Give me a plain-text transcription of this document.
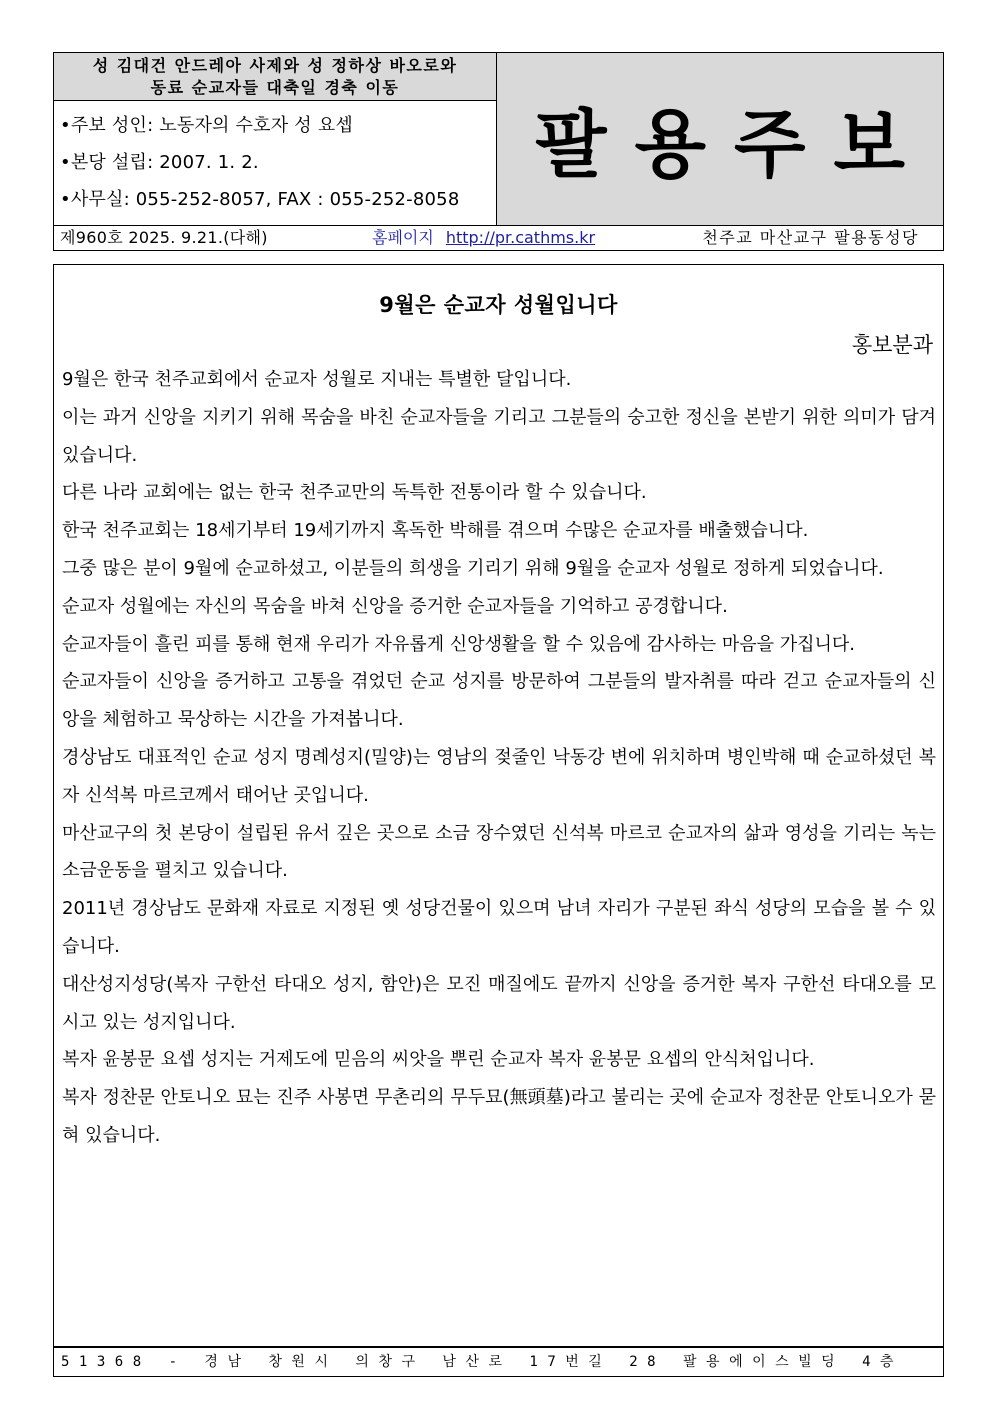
성 김대건 안드레아 사제와 성 정하상 바오로와
동료 순교자들 대축일 경축 이동
•주보 성인: 노동자의 수호자 성 요셉
•본당 설립: 2007. 1. 2.
•사무실: 055-252-8057, FAX : 055-252-8058
팔용주보
제960호 2025. 9.21.(다해)	홈페이지 http://pr.cathms.kr	천주교 마산교구 팔용동성당
9월은 순교자 성월입니다
홍보분과

9월은 한국 천주교회에서 순교자 성월로 지내는 특별한 달입니다.

이는 과거 신앙을 지키기 위해 목숨을 바친 순교자들을 기리고 그분들의 숭고한 정신을 본받기 위한 의미가 담겨있습니다.

다른 나라 교회에는 없는 한국 천주교만의 독특한 전통이라 할 수 있습니다.

한국 천주교회는 18세기부터 19세기까지 혹독한 박해를 겪으며 수많은 순교자를 배출했습니다.

그중 많은 분이 9월에 순교하셨고, 이분들의 희생을 기리기 위해 9월을 순교자 성월로 정하게 되었습니다.

순교자 성월에는 자신의 목숨을 바쳐 신앙을 증거한 순교자들을 기억하고 공경합니다.

순교자들이 흘린 피를 통해 현재 우리가 자유롭게 신앙생활을 할 수 있음에 감사하는 마음을 가집니다.

순교자들이 신앙을 증거하고 고통을 겪었던 순교 성지를 방문하여 그분들의 발자취를 따라 걷고 순교자들의 신앙을 체험하고 묵상하는 시간을 가져봅니다.

경상남도 대표적인 순교 성지 명례성지(밀양)는 영남의 젖줄인 낙동강 변에 위치하며 병인박해 때 순교하셨던 복자 신석복 마르코께서 태어난 곳입니다.

마산교구의 첫 본당이 설립된 유서 깊은 곳으로 소금 장수였던 신석복 마르코 순교자의 삶과 영성을 기리는 녹는 소금운동을 펼치고 있습니다.

2011년 경상남도 문화재 자료로 지정된 옛 성당건물이 있으며 남녀 자리가 구분된 좌식 성당의 모습을 볼 수 있습니다.

대산성지성당(복자 구한선 타대오 성지, 함안)은 모진 매질에도 끝까지 신앙을 증거한 복자 구한선 타대오를 모시고 있는 성지입니다.

복자 윤봉문 요셉 성지는 거제도에 믿음의 씨앗을 뿌린 순교자 복자 윤봉문 요셉의 안식처입니다.

복자 정찬문 안토니오 묘는 진주 사봉면 무촌리의 무두묘(無頭墓)라고 불리는 곳에 순교자 정찬문 안토니오가 묻혀 있습니다.

51368 - 경남 창원시 의창구 남산로 17번길 28 팔용에이스빌딩 4층
